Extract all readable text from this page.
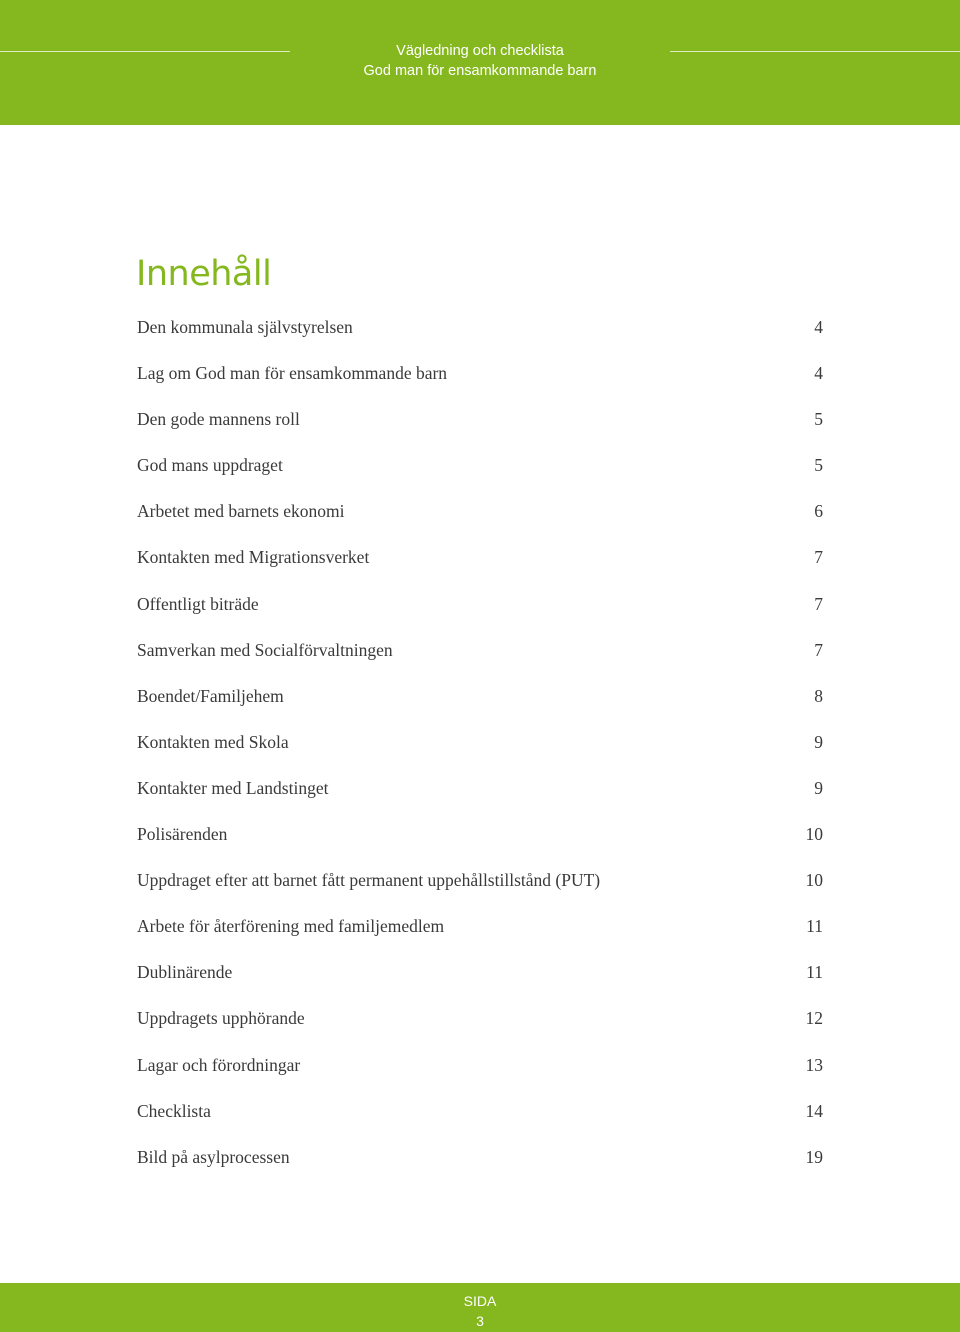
Vägledning och checklista
God man för ensamkommande barn
Innehåll
Den kommunala självstyrelsen	4
Lag om God man för ensamkommande barn	4
Den gode mannens roll	5
God mans uppdraget	5
Arbetet med barnets ekonomi	6
Kontakten med Migrationsverket	7
Offentligt biträde	7
Samverkan med Socialförvaltningen	7
Boendet/Familjehem	8
Kontakten med Skola	9
Kontakter med Landstinget	9
Polisärenden	10
Uppdraget efter att barnet fått permanent uppehållstillstånd (PUT)	10
Arbete för återförening med familjemedlem	11
Dublinärende	11
Uppdragets upphörande	12
Lagar och förordningar	13
Checklista	14
Bild på asylprocessen	19
SIDA
3
